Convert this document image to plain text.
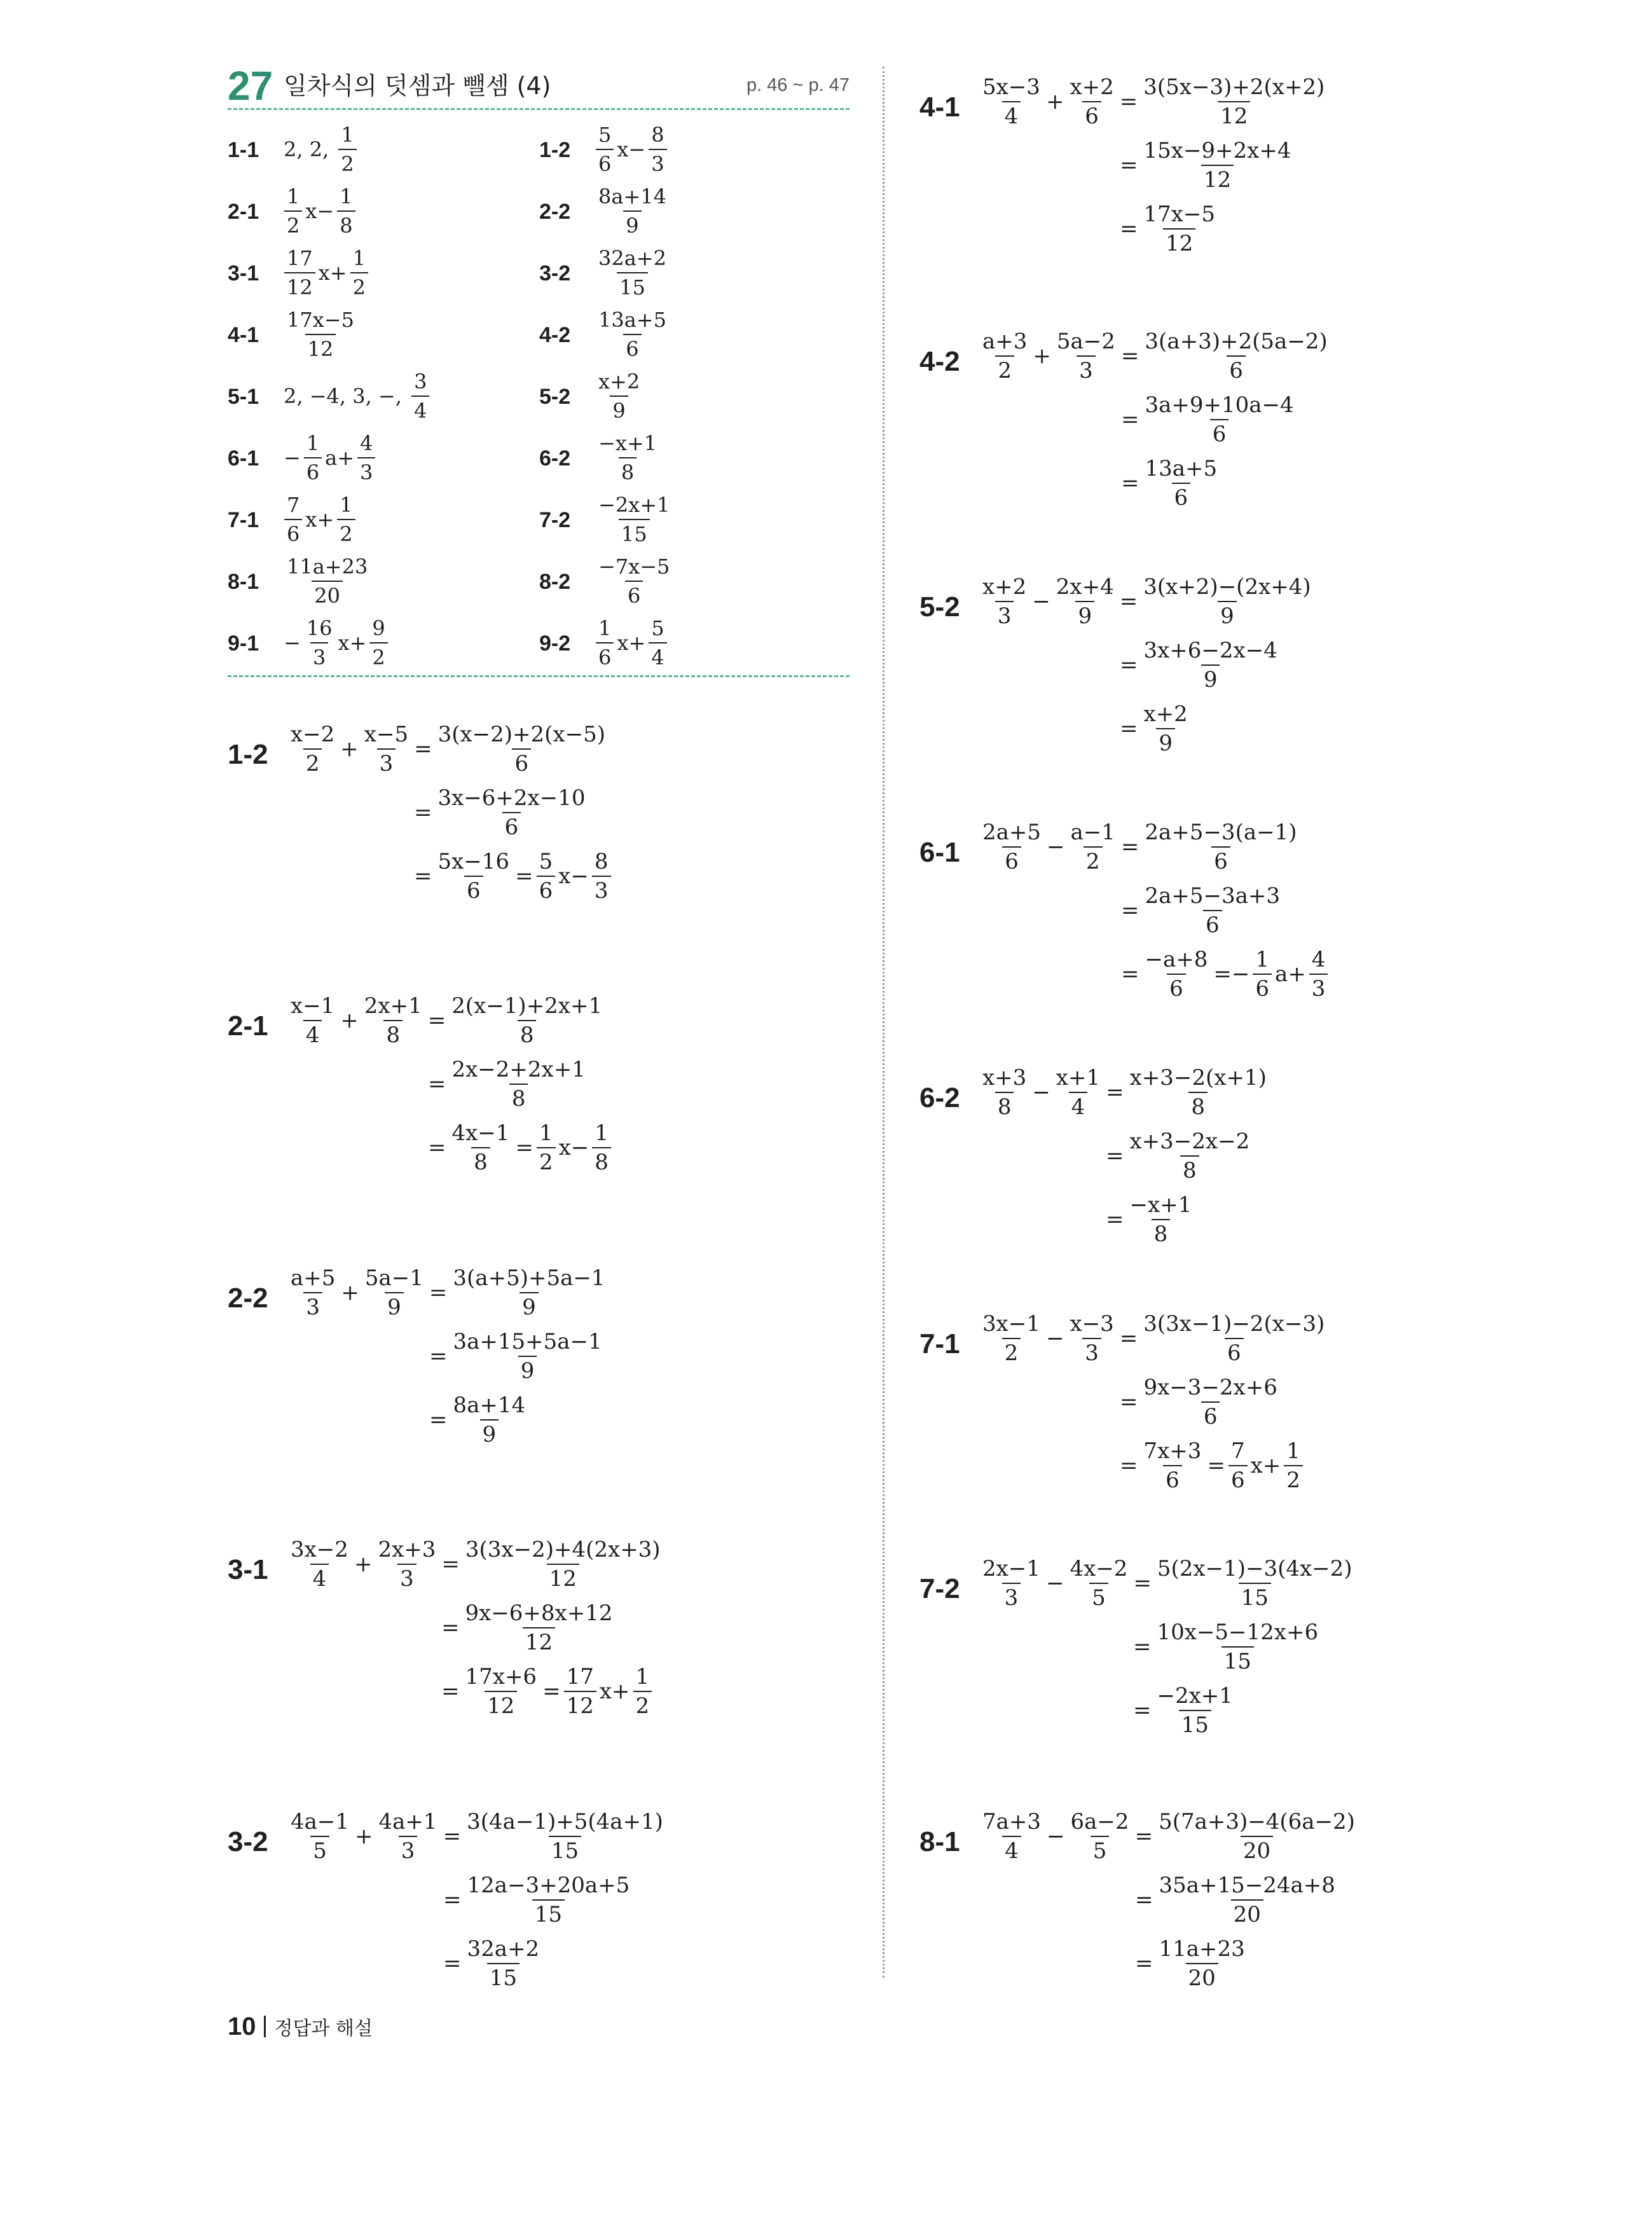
27 일차식의 덧셈과 뺄셈 (4)	p. 46 ~ p. 47
1-1 2, 2, $\frac{1}{2}$	$1-2 \frac{5}{6} x- \frac{8}{3}$
$2-1 \frac{1}{2} x- \frac{1}{8}$	$2-2 \frac{8a+14}{9}$
$3-1 \frac{17}{12} x+ \frac{1}{2}$	$3-2 \frac{32a+2}{15}$
$4-1 \frac{17x-5}{12}$	$4-2 \frac{13a+5}{6}$
5-1 2, −4, 3, −, $\frac{3}{4}$	$5-2 \frac{x+2}{9}$
$6-1 - \frac{1}{6} a+ \frac{4}{3}$	$6-2 \frac{-x+1}{8}$
$7-1 \frac{7}{6} x+ \frac{1}{2}$	$7-2 \frac{-2x+1}{15}$
$8-1 \frac{11a+23}{20}$	$8-2 \frac{-7x-5}{6}$
$9-1 - \frac{16}{3} x+ \frac{9}{2}$	$9-2 \frac{1}{6} x+ \frac{5}{4}$
$1-2 \frac{x-2}{2} + \frac{x-5}{3} = \frac{3(x-2)+2(x-5)}{6}$
= $\frac{3x-6+2x-10}{6}$
= $\frac{5x-16}{6} = \frac{5}{6} x- \frac{8}{3}$
$2-1 \frac{x-1}{4} + \frac{2x+1}{8} = \frac{2(x-1)+2x+1}{8}$
= $\frac{2x-2+2x+1}{8}$
= $\frac{4x-1}{8} = \frac{1}{2} x- \frac{1}{8}$
$2-2 \frac{a+5}{3} + \frac{5a-1}{9} = \frac{3(a+5)+5a-1}{9}$
= $\frac{3a+15+5a-1}{9}$
= $\frac{8a+14}{9}$
$3-1 \frac{3x-2}{4} + \frac{2x+3}{3} = \frac{3(3x-2)+4(2x+3)}{12}$
= $\frac{9x-6+8x+12}{12}$
= $\frac{17x+6}{12} = \frac{17}{12} x+ \frac{1}{2}$
$3-2 \frac{4a-1}{5} + \frac{4a+1}{3} = \frac{3(4a-1)+5(4a+1)}{15}$
= $\frac{12a-3+20a+5}{15}$
= $\frac{32a+2}{15}$
$4-1 \frac{5x-3}{4} + \frac{x+2}{6} = \frac{3(5x-3)+2(x+2)}{12}$
= $\frac{15x-9+2x+4}{12}$
= $\frac{17x-5}{12}$
$4-2 \frac{a+3}{2} + \frac{5a-2}{3} = \frac{3(a+3)+2(5a-2)}{6}$
= $\frac{3a+9+10a-4}{6}$
= $\frac{13a+5}{6}$
$5-2 \frac{x+2}{3} - \frac{2x+4}{9} = \frac{3(x+2)-(2x+4)}{9}$
= $\frac{3x+6-2x-4}{9}$
= $\frac{x+2}{9}$
$6-1 \frac{2a+5}{6} - \frac{a-1}{2} = \frac{2a+5-3(a-1)}{6}$
= $\frac{2a+5-3a+3}{6}$
= $\frac{-a+8}{6} =- \frac{1}{6} a+ \frac{4}{3}$
$6-2 \frac{x+3}{8} - \frac{x+1}{4} = \frac{x+3-2(x+1)}{8}$
= $\frac{x+3-2x-2}{8}$
= $\frac{-x+1}{8}$
$7-1 \frac{3x-1}{2} - \frac{x-3}{3} = \frac{3(3x-1)-2(x-3)}{6}$
= $\frac{9x-3-2x+6}{6}$
= $\frac{7x+3}{6} = \frac{7}{6} x+ \frac{1}{2}$
$7-2 \frac{2x-1}{3} - \frac{4x-2}{5} = \frac{5(2x-1)-3(4x-2)}{15}$
= $\frac{10x-5-12x+6}{15}$
= $\frac{-2x+1}{15}$
$8-1 \frac{7a+3}{4} - \frac{6a-2}{5} = \frac{5(7a+3)-4(6a-2)}{20}$
= $\frac{35a+15-24a+8}{20}$
= $\frac{11a+23}{20}$
10 정답과 해설
